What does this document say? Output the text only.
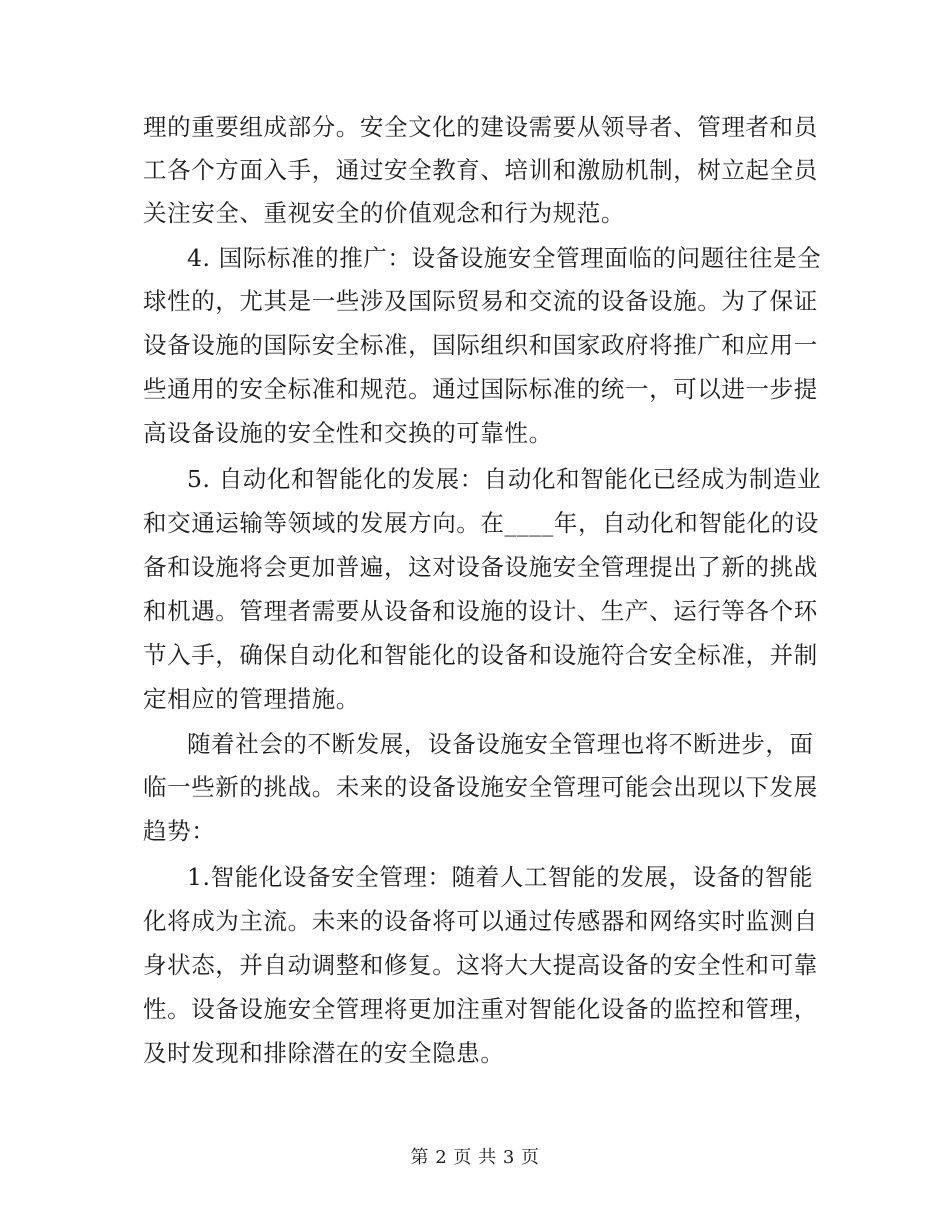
理的重要组成部分。安全文化的建设需要从领导者、管理者和员
工各个方面入手，通过安全教育、培训和激励机制，树立起全员
关注安全、重视安全的价值观念和行为规范。
4. 国际标准的推广：设备设施安全管理面临的问题往往是全
球性的，尤其是一些涉及国际贸易和交流的设备设施。为了保证
设备设施的国际安全标准，国际组织和国家政府将推广和应用一
些通用的安全标准和规范。通过国际标准的统一，可以进一步提
高设备设施的安全性和交换的可靠性。
5. 自动化和智能化的发展：自动化和智能化已经成为制造业
和交通运输等领域的发展方向。在____年，自动化和智能化的设
备和设施将会更加普遍，这对设备设施安全管理提出了新的挑战
和机遇。管理者需要从设备和设施的设计、生产、运行等各个环
节入手，确保自动化和智能化的设备和设施符合安全标准，并制
定相应的管理措施。
随着社会的不断发展，设备设施安全管理也将不断进步，面
临一些新的挑战。未来的设备设施安全管理可能会出现以下发展
趋势：
1.智能化设备安全管理：随着人工智能的发展，设备的智能
化将成为主流。未来的设备将可以通过传感器和网络实时监测自
身状态，并自动调整和修复。这将大大提高设备的安全性和可靠
性。设备设施安全管理将更加注重对智能化设备的监控和管理，
及时发现和排除潜在的安全隐患。
第 2 页 共 3 页
